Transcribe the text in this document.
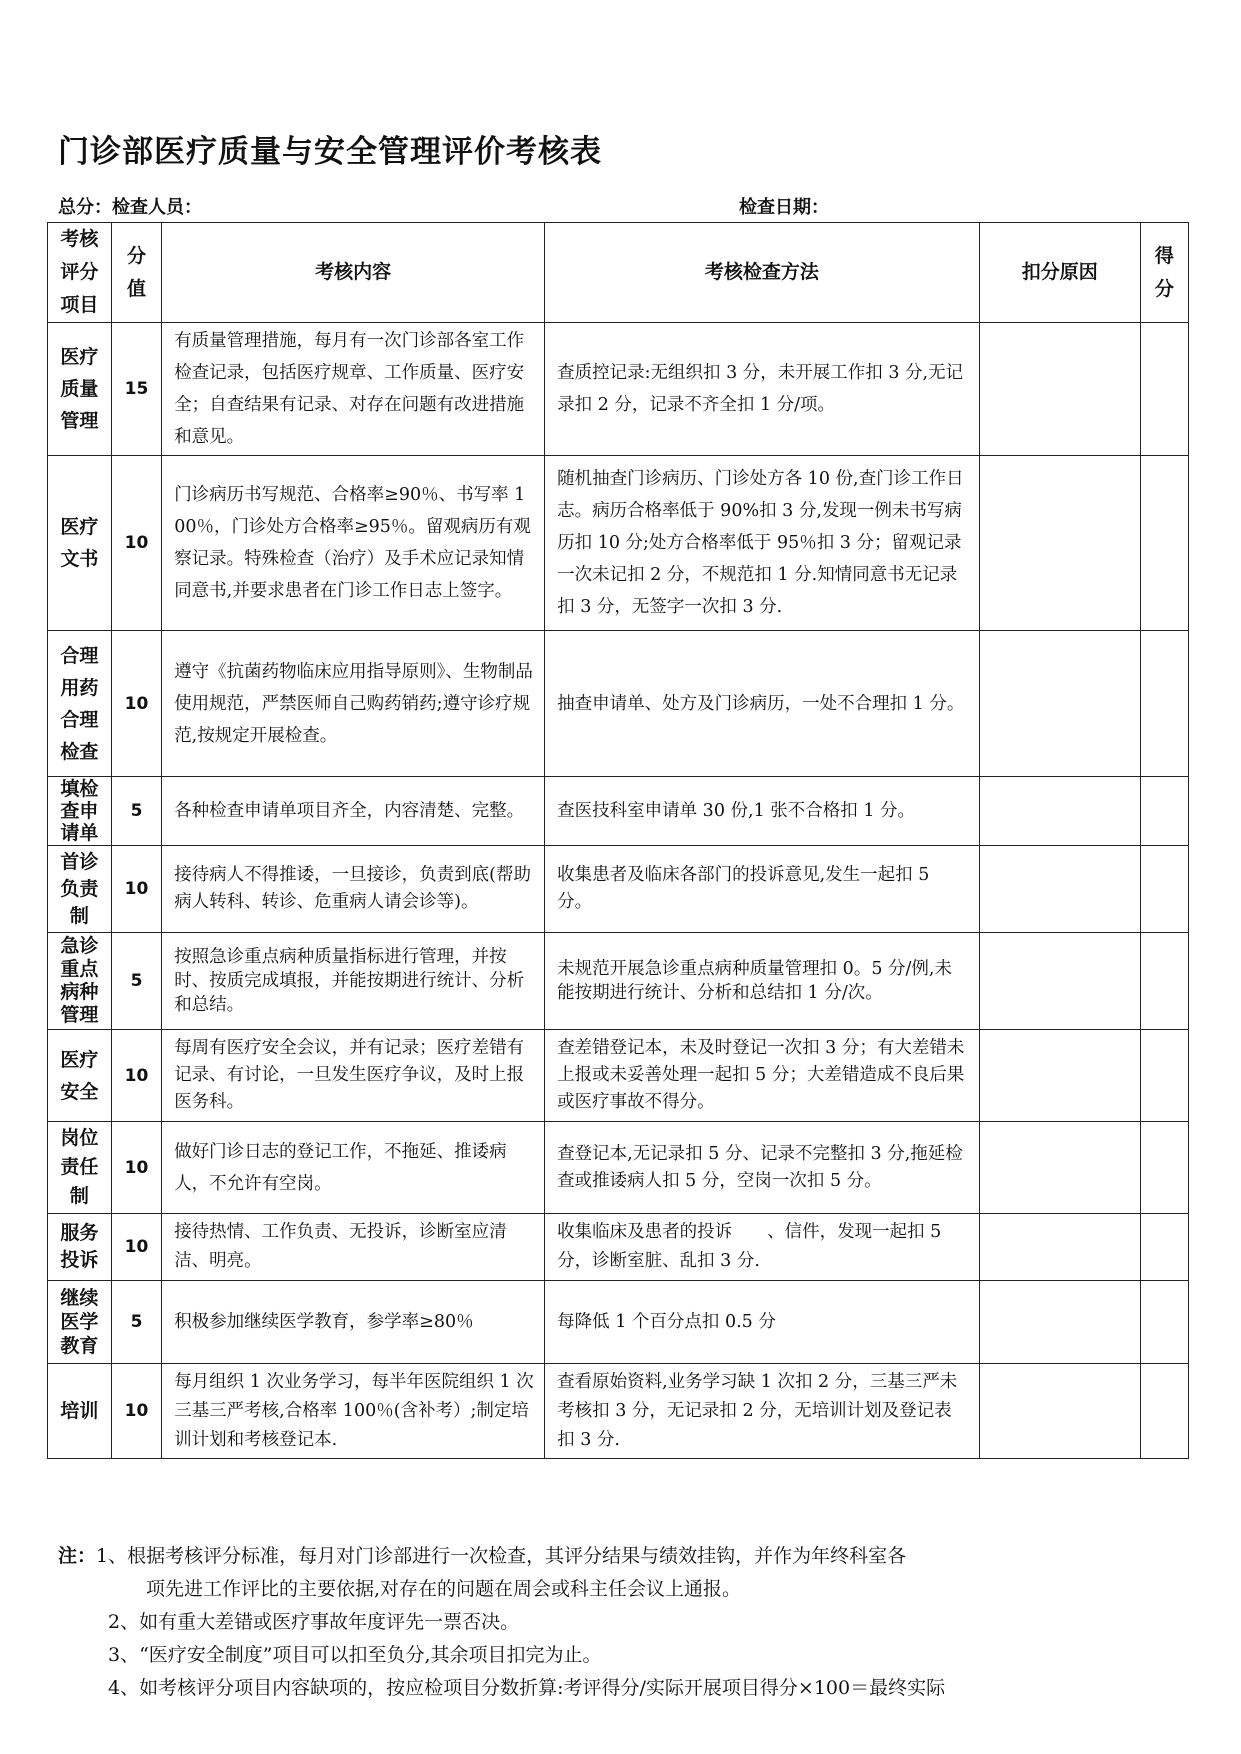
门诊部医疗质量与安全管理评价考核表
总分：检查人员：	检查日期：
考核评分项目	分值	考核内容	考核检查方法	扣分原因	得分
医疗质量管理	15	有质量管理措施，每月有一次门诊部各室工作检查记录，包括医疗规章、工作质量、医疗安全；自查结果有记录、对存在问题有改进措施和意见。	查质控记录:无组织扣 3 分，未开展工作扣 3 分,无记录扣 2 分，记录不齐全扣 1 分/项。		
医疗文书	10	门诊病历书写规范、合格率≥90％、书写率 100％，门诊处方合格率≥95％。留观病历有观察记录。特殊检查（治疗）及手术应记录知情同意书,并要求患者在门诊工作日志上签字。	随机抽查门诊病历、门诊处方各 10 份,查门诊工作日志。病历合格率低于 90%扣 3 分,发现一例未书写病历扣 10 分;处方合格率低于 95％扣 3 分；留观记录一次未记扣 2 分，不规范扣 1 分.知情同意书无记录扣 3 分，无签字一次扣 3 分.		
合理用药合理检查	10	遵守《抗菌药物临床应用指导原则》、生物制品使用规范，严禁医师自己购药销药;遵守诊疗规范,按规定开展检查。	抽查申请单、处方及门诊病历，一处不合理扣 1 分。		
填检查申请单	5	各种检查申请单项目齐全，内容清楚、完整。	查医技科室申请单 30 份,1 张不合格扣 1 分。		
首诊负责制	10	接待病人不得推诿，一旦接诊，负责到底(帮助病人转科、转诊、危重病人请会诊等)。	收集患者及临床各部门的投诉意见,发生一起扣 5 分。		
急诊重点病种管理	5	按照急诊重点病种质量指标进行管理，并按时、按质完成填报，并能按期进行统计、分析和总结。	未规范开展急诊重点病种质量管理扣 0。5 分/例,未能按期进行统计、分析和总结扣 1 分/次。		
医疗安全	10	每周有医疗安全会议，并有记录；医疗差错有记录、有讨论，一旦发生医疗争议，及时上报医务科。	查差错登记本，未及时登记一次扣 3 分；有大差错未上报或未妥善处理一起扣 5 分；大差错造成不良后果或医疗事故不得分。		
岗位责任制	10	做好门诊日志的登记工作，不拖延、推诿病人，不允许有空岗。	查登记本,无记录扣 5 分、记录不完整扣 3 分,拖延检查或推诿病人扣 5 分，空岗一次扣 5 分。		
服务投诉	10	接待热情、工作负责、无投诉，诊断室应清洁、明亮。	收集临床及患者的投诉　　、信件，发现一起扣 5 分，诊断室脏、乱扣 3 分.		
继续医学教育	5	积极参加继续医学教育，参学率≥80％	每降低 1 个百分点扣 0.5 分		
培训	10	每月组织 1 次业务学习，每半年医院组织 1 次三基三严考核,合格率 100％(含补考）;制定培训计划和考核登记本.	查看原始资料,业务学习缺 1 次扣 2 分，三基三严未考核扣 3 分，无记录扣 2 分，无培训计划及登记表扣 3 分.		
注：1、根据考核评分标准，每月对门诊部进行一次检查，其评分结果与绩效挂钩，并作为年终科室各
项先进工作评比的主要依据,对存在的问题在周会或科主任会议上通报。
2、如有重大差错或医疗事故年度评先一票否决。
3、“医疗安全制度”项目可以扣至负分,其余项目扣完为止。
4、如考核评分项目内容缺项的，按应检项目分数折算:考评得分/实际开展项目得分×100＝最终实际
